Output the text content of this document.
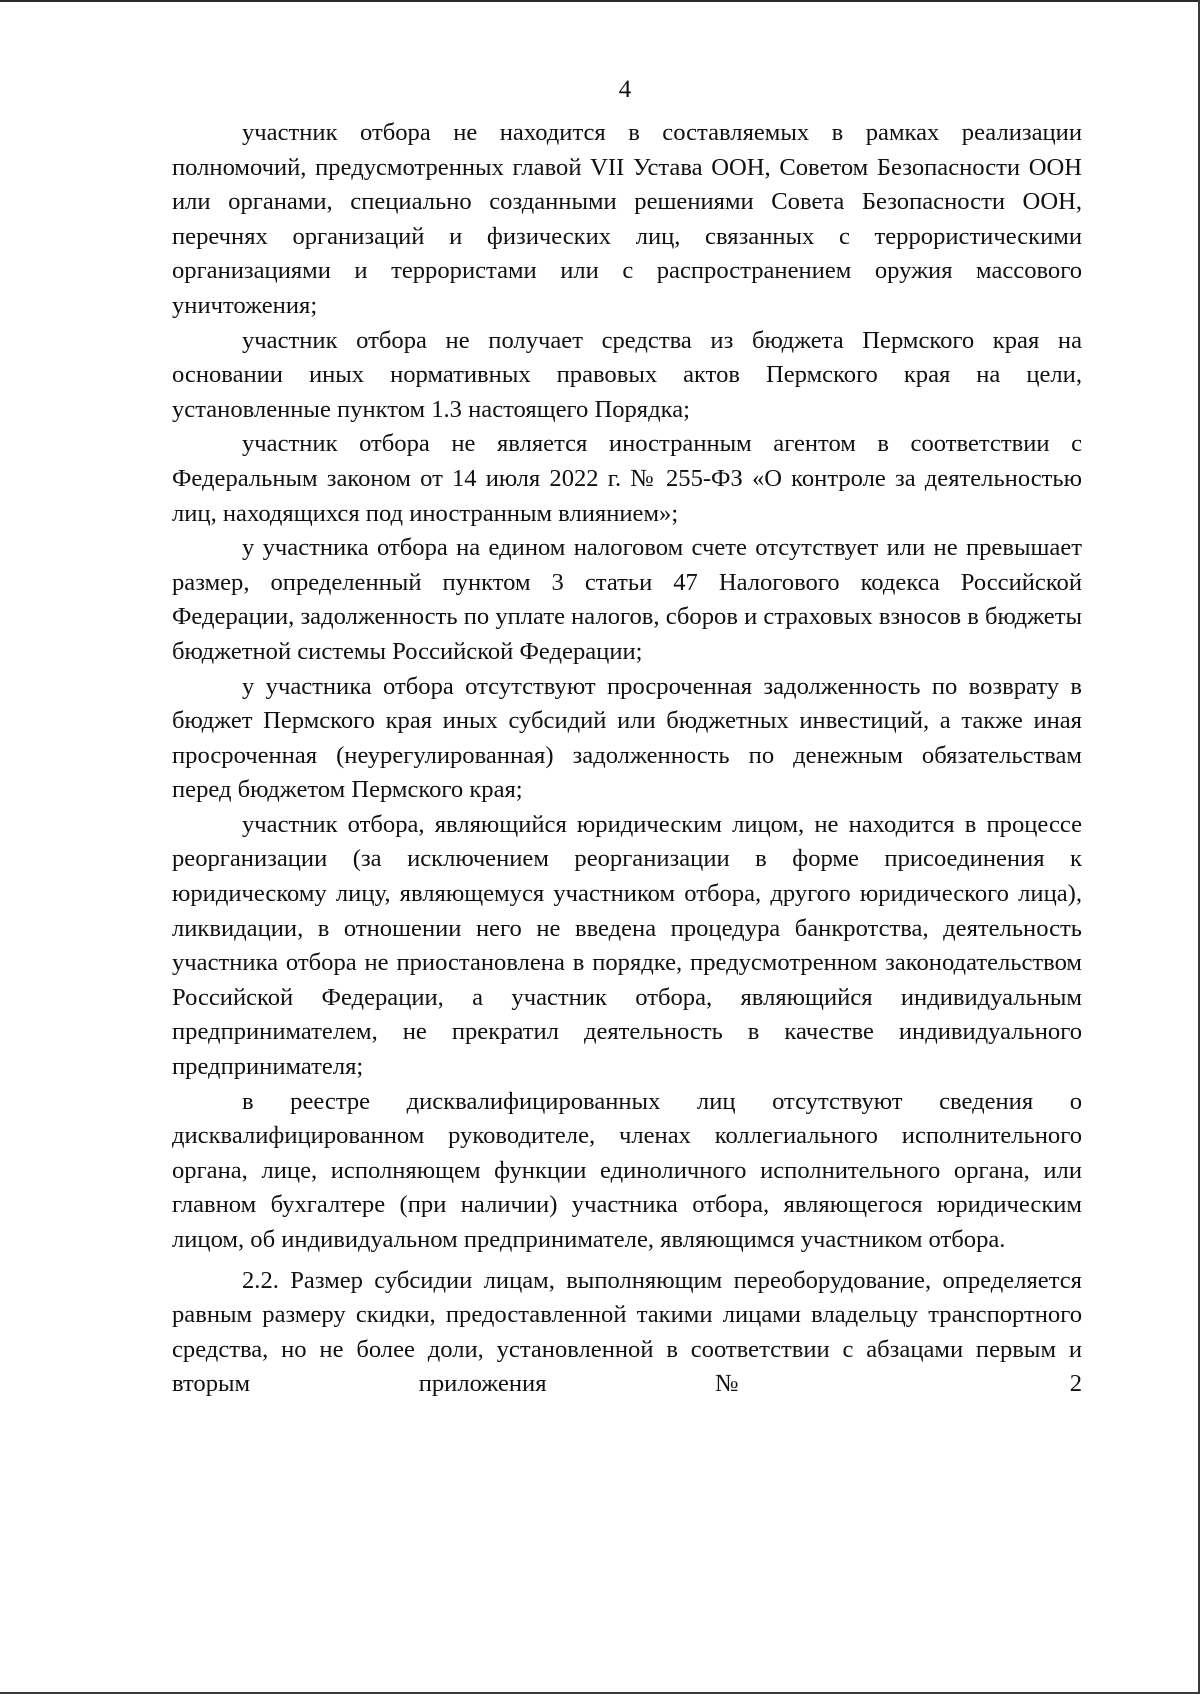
4

участник отбора не находится в составляемых в рамках реализации полномочий, предусмотренных главой VII Устава ООН, Советом Безопасности ООН или органами, специально созданными решениями Совета Безопасности ООН, перечнях организаций и физических лиц, связанных с террористическими организациями и террористами или с распространением оружия массового уничтожения;

участник отбора не получает средства из бюджета Пермского края на основании иных нормативных правовых актов Пермского края на цели, установленные пунктом 1.3 настоящего Порядка;

участник отбора не является иностранным агентом в соответствии с Федеральным законом от 14 июля 2022 г. № 255-ФЗ «О контроле за деятельностью лиц, находящихся под иностранным влиянием»;

у участника отбора на едином налоговом счете отсутствует или не превышает размер, определенный пунктом 3 статьи 47 Налогового кодекса Российской Федерации, задолженность по уплате налогов, сборов и страховых взносов в бюджеты бюджетной системы Российской Федерации;

у участника отбора отсутствуют просроченная задолженность по возврату в бюджет Пермского края иных субсидий или бюджетных инвестиций, а также иная просроченная (неурегулированная) задолженность по денежным обязательствам перед бюджетом Пермского края;

участник отбора, являющийся юридическим лицом, не находится в процессе реорганизации (за исключением реорганизации в форме присоединения к юридическому лицу, являющемуся участником отбора, другого юридического лица), ликвидации, в отношении него не введена процедура банкротства, деятельность участника отбора не приостановлена в порядке, предусмотренном законодательством Российской Федерации, а участник отбора, являющийся индивидуальным предпринимателем, не прекратил деятельность в качестве индивидуального предпринимателя;

в реестре дисквалифицированных лиц отсутствуют сведения о дисквалифицированном руководителе, членах коллегиального исполнительного органа, лице, исполняющем функции единоличного исполнительного органа, или главном бухгалтере (при наличии) участника отбора, являющегося юридическим лицом, об индивидуальном предпринимателе, являющимся участником отбора.

2.2. Размер субсидии лицам, выполняющим переоборудование, определяется равным размеру скидки, предоставленной такими лицами владельцу транспортного средства, но не более доли, установленной в соответствии с абзацами первым и вторым приложения № 2
